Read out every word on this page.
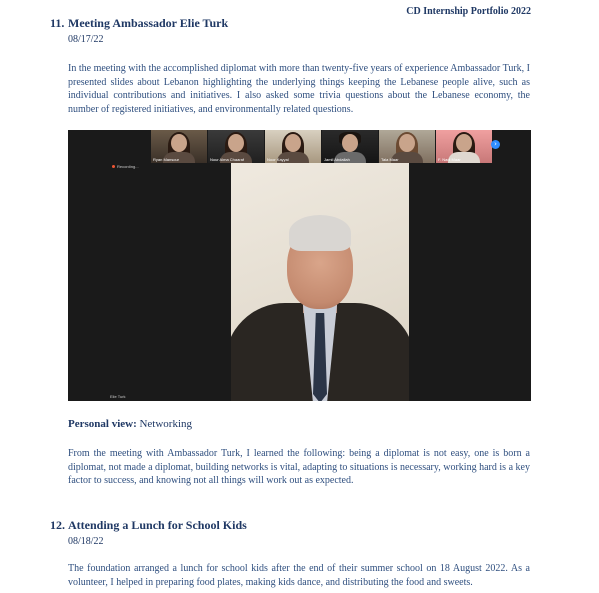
CD Internship Portfolio 2022
11. Meeting Ambassador Elie Turk
08/17/22
In the meeting with the accomplished diplomat with more than twenty-five years of experience Ambassador Turk, I presented slides about Lebanon highlighting the underlying things keeping the Lebanese people alive, such as individual contributions and initiatives. I also asked some trivia questions about the Lebanese economy, the number of registered initiatives, and environmentally related questions.
Ryan Mansour	Nour Alma Chaaraf	Noor Kayyal	Jamil Abdallah	Tala Maar	F. Nadi Maar
›
Recording...
Elie Turk
Personal view: Networking
From the meeting with Ambassador Turk, I learned the following: being a diplomat is not easy, one is born a diplomat, not made a diplomat, building networks is vital, adapting to situations is necessary, working hard is a key factor to success, and knowing not all things will work out as expected.
12. Attending a Lunch for School Kids
08/18/22
The foundation arranged a lunch for school kids after the end of their summer school on 18 August 2022. As a volunteer, I helped in preparing food plates, making kids dance, and distributing the food and sweets.
